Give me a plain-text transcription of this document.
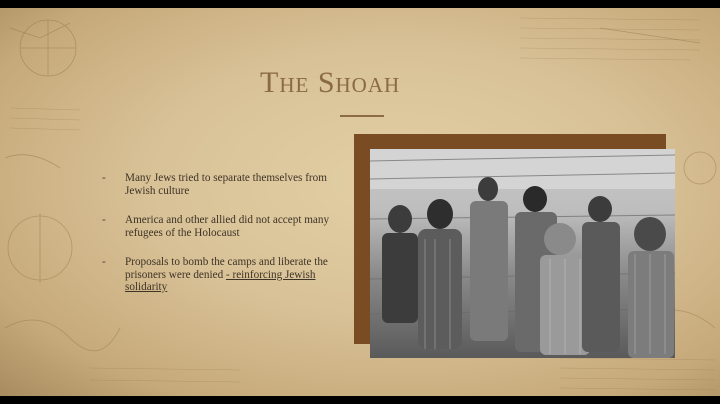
The Shoah
- Many Jews tried to separate themselves from Jewish culture
- America and other allied did not accept many refugees of the Holocaust
- Proposals to bomb the camps and liberate the prisoners were denied - reinforcing Jewish solidarity
